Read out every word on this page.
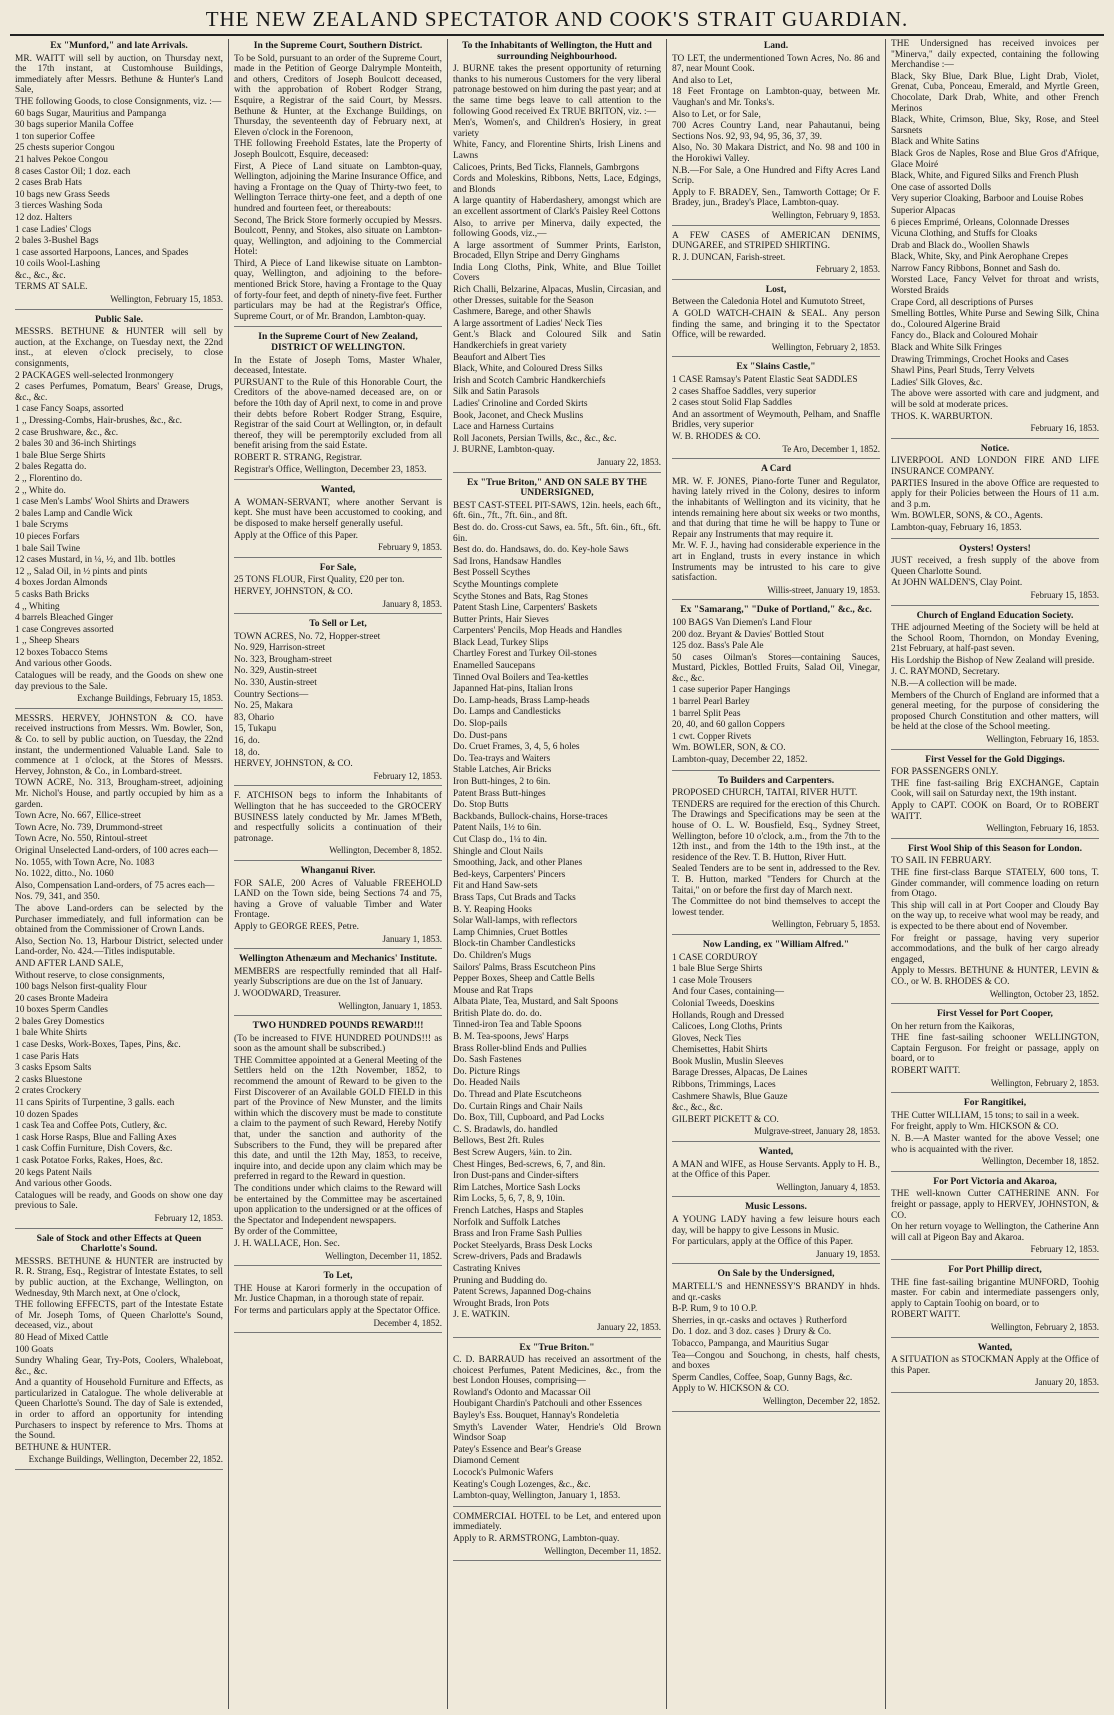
THE NEW ZEALAND SPECTATOR AND COOK'S STRAIT GUARDIAN.
Ex "Munford," and late Arrivals.

MR. WAITT will sell by auction, on Thursday next, the 17th instant, at Customhouse Buildings, immediately after Messrs. Bethune & Hunter's Land Sale,

THE following Goods, to close Consignments, viz. :—

60 bags Sugar, Mauritius and Pampanga

30 bags superior Manila Coffee

1 ton superior Coffee

25 chests superior Congou

21 halves Pekoe Congou

8 cases Castor Oil; 1 doz. each

2 cases Brab Hats

10 bags new Grass Seeds

3 tierces Washing Soda

12 doz. Halters

1 case Ladies' Clogs

2 bales 3-Bushel Bags

1 case assorted Harpoons, Lances, and Spades

10 coils Wool-Lashing

&c., &c., &c.

TERMS AT SALE.

Wellington, February 15, 1853.

Public Sale.

MESSRS. BETHUNE & HUNTER will sell by auction, at the Exchange, on Tuesday next, the 22nd inst., at eleven o'clock precisely, to close consignments,

2 PACKAGES well-selected Ironmongery

2 cases Perfumes, Pomatum, Bears' Grease, Drugs, &c., &c.

1 case Fancy Soaps, assorted

1 ,, Dressing-Combs, Hair-brushes, &c., &c.

2 case Brushware, &c., &c.

2 bales 30 and 36-inch Shirtings

1 bale Blue Serge Shirts

2 bales Regatta do.

2 ,, Florentino do.

2 ,, White do.

1 case Men's Lambs' Wool Shirts and Drawers

2 bales Lamp and Candle Wick

1 bale Scryms

10 pieces Forfars

1 bale Sail Twine

12 cases Mustard, in ¼, ½, and 1lb. bottles

12 ,, Salad Oil, in ½ pints and pints

4 boxes Jordan Almonds

5 casks Bath Bricks

4 ,, Whiting

4 barrels Bleached Ginger

1 case Congreves assorted

1 ,, Sheep Shears

12 boxes Tobacco Stems

And various other Goods.

Catalogues will be ready, and the Goods on shew one day previous to the Sale.

Exchange Buildings, February 15, 1853.

MESSRS. HERVEY, JOHNSTON & CO. have received instructions from Messrs. Wm. Bowler, Son, & Co. to sell by public auction, on Tuesday, the 22nd instant, the undermentioned Valuable Land. Sale to commence at 1 o'clock, at the Stores of Messrs. Hervey, Johnston, & Co., in Lombard-street.

TOWN ACRE, No. 313, Brougham-street, adjoining Mr. Nichol's House, and partly occupied by him as a garden.

Town Acre, No. 667, Ellice-street

Town Acre, No. 739, Drummond-street

Town Acre, No. 550, Rintoul-street

Original Unselected Land-orders, of 100 acres each—

No. 1055, with Town Acre, No. 1083

No. 1022, ditto., No. 1060

Also, Compensation Land-orders, of 75 acres each—

Nos. 79, 341, and 350.

The above Land-orders can be selected by the Purchaser immediately, and full information can be obtained from the Commissioner of Crown Lands.

Also, Section No. 13, Harbour District, selected under Land-order, No. 424.—Titles indisputable.

AND AFTER LAND SALE,

Without reserve, to close consignments,

100 bags Nelson first-quality Flour

20 cases Bronte Madeira

10 boxes Sperm Candles

2 bales Grey Domestics

1 bale White Shirts

1 case Desks, Work-Boxes, Tapes, Pins, &c.

1 case Paris Hats

3 casks Epsom Salts

2 casks Bluestone

2 crates Crockery

11 cans Spirits of Turpentine, 3 galls. each

10 dozen Spades

1 cask Tea and Coffee Pots, Cutlery, &c.

1 cask Horse Rasps, Blue and Falling Axes

1 cask Coffin Furniture, Dish Covers, &c.

1 cask Potatoe Forks, Rakes, Hoes, &c.

20 kegs Patent Nails

And various other Goods.

Catalogues will be ready, and Goods on show one day previous to Sale.

February 12, 1853.

Sale of Stock and other Effects at Queen Charlotte's Sound.

MESSRS. BETHUNE & HUNTER are instructed by R. R. Strang, Esq., Registrar of Intestate Estates, to sell by public auction, at the Exchange, Wellington, on Wednesday, 9th March next, at One o'clock,

THE following EFFECTS, part of the Intestate Estate of Mr. Joseph Toms, of Queen Charlotte's Sound, deceased, viz., about

80 Head of Mixed Cattle

100 Goats

Sundry Whaling Gear, Try-Pots, Coolers, Whaleboat, &c., &c.

And a quantity of Household Furniture and Effects, as particularized in Catalogue. The whole deliverable at Queen Charlotte's Sound. The day of Sale is extended, in order to afford an opportunity for intending Purchasers to inspect by reference to Mrs. Thoms at the Sound.

BETHUNE & HUNTER.

Exchange Buildings, Wellington, December 22, 1852.

In the Supreme Court, Southern District.

To be Sold, pursuant to an order of the Supreme Court, made in the Petition of George Dalrymple Monteith, and others, Creditors of Joseph Boulcott deceased, with the approbation of Robert Rodger Strang, Esquire, a Registrar of the said Court, by Messrs. Bethune & Hunter, at the Exchange Buildings, on Thursday, the seventeenth day of February next, at Eleven o'clock in the Forenoon,

THE following Freehold Estates, late the Property of Joseph Boulcott, Esquire, deceased:

First, A Piece of Land situate on Lambton-quay, Wellington, adjoining the Marine Insurance Office, and having a Frontage on the Quay of Thirty-two feet, to Wellington Terrace thirty-one feet, and a depth of one hundred and fourteen feet, or thereabouts:

Second, The Brick Store formerly occupied by Messrs. Boulcott, Penny, and Stokes, also situate on Lambton-quay, Wellington, and adjoining to the Commercial Hotel:

Third, A Piece of Land likewise situate on Lambton-quay, Wellington, and adjoining to the before-mentioned Brick Store, having a Frontage to the Quay of forty-four feet, and depth of ninety-five feet. Further particulars may be had at the Registrar's Office, Supreme Court, or of Mr. Brandon, Lambton-quay.

In the Supreme Court of New Zealand, DISTRICT OF WELLINGTON.

In the Estate of Joseph Toms, Master Whaler, deceased, Intestate.

PURSUANT to the Rule of this Honorable Court, the Creditors of the above-named deceased are, on or before the 10th day of April next, to come in and prove their debts before Robert Rodger Strang, Esquire, Registrar of the said Court at Wellington, or, in default thereof, they will be peremptorily excluded from all benefit arising from the said Estate.

ROBERT R. STRANG, Registrar.

Registrar's Office, Wellington, December 23, 1853.

Wanted,

A WOMAN-SERVANT, where another Servant is kept. She must have been accustomed to cooking, and be disposed to make herself generally useful.

Apply at the Office of this Paper.

February 9, 1853.

For Sale,

25 TONS FLOUR, First Quality, £20 per ton.

HERVEY, JOHNSTON, & CO.

January 8, 1853.

To Sell or Let,

TOWN ACRES, No. 72, Hopper-street

No. 929, Harrison-street

No. 323, Brougham-street

No. 329, Austin-street

No. 330, Austin-street

Country Sections—

No. 25, Makara

83, Ohario

15, Tukapu

16, do.

18, do.

HERVEY, JOHNSTON, & CO.

February 12, 1853.

F. ATCHISON begs to inform the Inhabitants of Wellington that he has succeeded to the GROCERY BUSINESS lately conducted by Mr. James M'Beth, and respectfully solicits a continuation of their patronage.

Wellington, December 8, 1852.

Whanganui River.

FOR SALE, 200 Acres of Valuable FREEHOLD LAND on the Town side, being Sections 74 and 75, having a Grove of valuable Timber and Water Frontage.

Apply to GEORGE REES, Petre.

January 1, 1853.

Wellington Athenæum and Mechanics' Institute.

MEMBERS are respectfully reminded that all Half-yearly Subscriptions are due on the 1st of January.

J. WOODWARD, Treasurer.

Wellington, January 1, 1853.

TWO HUNDRED POUNDS REWARD!!!

(To be increased to FIVE HUNDRED POUNDS!!! as soon as the amount shall be subscribed.)

THE Committee appointed at a General Meeting of the Settlers held on the 12th November, 1852, to recommend the amount of Reward to be given to the First Discoverer of an Available GOLD FIELD in this part of the Province of New Munster, and the limits within which the discovery must be made to constitute a claim to the payment of such Reward, Hereby Notify that, under the sanction and authority of the Subscribers to the Fund, they will be prepared after this date, and until the 12th May, 1853, to receive, inquire into, and decide upon any claim which may be preferred in regard to the Reward in question.

The conditions under which claims to the Reward will be entertained by the Committee may be ascertained upon application to the undersigned or at the offices of the Spectator and Independent newspapers.

By order of the Committee,

J. H. WALLACE, Hon. Sec.

Wellington, December 11, 1852.

To Let,

THE House at Karori formerly in the occupation of Mr. Justice Chapman, in a thorough state of repair.

For terms and particulars apply at the Spectator Office.

December 4, 1852.

To the Inhabitants of Wellington, the Hutt and surrounding Neighbourhood.

J. BURNE takes the present opportunity of returning thanks to his numerous Customers for the very liberal patronage bestowed on him during the past year; and at the same time begs leave to call attention to the following Good received Ex TRUE BRITON, viz. :—

Men's, Women's, and Children's Hosiery, in great variety

White, Fancy, and Florentine Shirts, Irish Linens and Lawns

Calicoes, Prints, Bed Ticks, Flannels, Gambrgons

Cords and Moleskins, Ribbons, Netts, Lace, Edgings, and Blonds

A large quantity of Haberdashery, amongst which are an excellent assortment of Clark's Paisley Reel Cottons

Also, to arrive per Minerva, daily expected, the following Goods, viz.,—

A large assortment of Summer Prints, Earlston, Brocaded, Ellyn Stripe and Derry Ginghams

India Long Cloths, Pink, White, and Blue Toillet Covers

Rich Challi, Belzarine, Alpacas, Muslin, Circasian, and other Dresses, suitable for the Season

Cashmere, Barege, and other Shawls

A large assortment of Ladies' Neck Ties

Gent.'s Black and Coloured Silk and Satin Handkerchiefs in great variety

Beaufort and Albert Ties

Black, White, and Coloured Dress Silks

Irish and Scotch Cambric Handkerchiefs

Silk and Satin Parasols

Ladies' Crinoline and Corded Skirts

Book, Jaconet, and Check Muslins

Lace and Harness Curtains

Roll Jaconets, Persian Twills, &c., &c., &c.

J. BURNE, Lambton-quay.

January 22, 1853.

Ex "True Briton," AND ON SALE BY THE UNDERSIGNED,

BEST CAST-STEEL PIT-SAWS, 12in. heels, each 6ft., 6ft. 6in., 7ft., 7ft. 6in., and 8ft.

Best do. do. Cross-cut Saws, ea. 5ft., 5ft. 6in., 6ft., 6ft. 6in.

Best do. do. Handsaws, do. do. Key-hole Saws

Sad Irons, Handsaw Handles

Best Possell Scythes

Scythe Mountings complete

Scythe Stones and Bats, Rag Stones

Patent Stash Line, Carpenters' Baskets

Butter Prints, Hair Sieves

Carpenters' Pencils, Mop Heads and Handles

Black Lead, Turkey Slips

Chartley Forest and Turkey Oil-stones

Enamelled Saucepans

Tinned Oval Boilers and Tea-kettles

Japanned Hat-pins, Italian Irons

Do. Lamp-heads, Brass Lamp-heads

Do. Lamps and Candlesticks

Do. Slop-pails

Do. Dust-pans

Do. Cruet Frames, 3, 4, 5, 6 holes

Do. Tea-trays and Waiters

Stable Latches, Air Bricks

Iron Butt-hinges, 2 to 6in.

Patent Brass Butt-hinges

Do. Stop Butts

Backbands, Bullock-chains, Horse-traces

Patent Nails, 1½ to 6in.

Cut Clasp do., 1¼ to 4in.

Shingle and Clout Nails

Smoothing, Jack, and other Planes

Bed-keys, Carpenters' Pincers

Fit and Hand Saw-sets

Brass Taps, Cut Brads and Tacks

B. Y. Reaping Hooks

Solar Wall-lamps, with reflectors

Lamp Chimnies, Cruet Bottles

Block-tin Chamber Candlesticks

Do. Children's Mugs

Sailors' Palms, Brass Escutcheon Pins

Pepper Boxes, Sheep and Cattle Bells

Mouse and Rat Traps

Albata Plate, Tea, Mustard, and Salt Spoons

British Plate do. do. do.

Tinned-iron Tea and Table Spoons

B. M. Tea-spoons, Jews' Harps

Brass Roller-blind Ends and Pullies

Do. Sash Fastenes

Do. Picture Rings

Do. Headed Nails

Do. Thread and Plate Escutcheons

Do. Curtain Rings and Chair Nails

Do. Box, Till, Cupboard, and Pad Locks

C. S. Bradawls, do. handled

Bellows, Best 2ft. Rules

Best Screw Augers, ¼in. to 2in.

Chest Hinges, Bed-screws, 6, 7, and 8in.

Iron Dust-pans and Cinder-sifters

Rim Latches, Mortice Sash Locks

Rim Locks, 5, 6, 7, 8, 9, 10in.

French Latches, Hasps and Staples

Norfolk and Suffolk Latches

Brass and Iron Frame Sash Pullies

Pocket Steelyards, Brass Desk Locks

Screw-drivers, Pads and Bradawls

Castrating Knives

Pruning and Budding do.

Patent Screws, Japanned Dog-chains

Wrought Brads, Iron Pots

J. E. WATKIN.

January 22, 1853.

Ex "True Briton."

C. D. BARRAUD has received an assortment of the choicest Perfumes, Patent Medicines, &c., from the best London Houses, comprising—

Rowland's Odonto and Macassar Oil

Houbigant Chardin's Patchouli and other Essences

Bayley's Ess. Bouquet, Hannay's Rondeletia

Smyth's Lavender Water, Hendrie's Old Brown Windsor Soap

Patey's Essence and Bear's Grease

Diamond Cement

Locock's Pulmonic Wafers

Keating's Cough Lozenges, &c., &c.

Lambton-quay, Wellington, January 1, 1853.

COMMERCIAL HOTEL to be Let, and entered upon immediately.

Apply to R. ARMSTRONG, Lambton-quay.

Wellington, December 11, 1852.

Land.

TO LET, the undermentioned Town Acres, No. 86 and 87, near Mount Cook.

And also to Let,

18 Feet Frontage on Lambton-quay, between Mr. Vaughan's and Mr. Tonks's.

Also to Let, or for Sale,

700 Acres Country Land, near Pahautanui, being Sections Nos. 92, 93, 94, 95, 36, 37, 39.

Also, No. 30 Makara District, and No. 98 and 100 in the Horokiwi Valley.

N.B.—For Sale, a One Hundred and Fifty Acres Land Scrip.

Apply to F. BRADEY, Sen., Tamworth Cottage; Or F. Bradey, jun., Bradey's Place, Lambton-quay.

Wellington, February 9, 1853.

A FEW CASES of AMERICAN DENIMS, DUNGAREE, and STRIPED SHIRTING.

R. J. DUNCAN, Farish-street.

February 2, 1853.

Lost,

Between the Caledonia Hotel and Kumutoto Street,

A GOLD WATCH-CHAIN & SEAL. Any person finding the same, and bringing it to the Spectator Office, will be rewarded.

Wellington, February 2, 1853.

Ex "Slains Castle,"

1 CASE Ramsay's Patent Elastic Seat SADDLES

2 cases Shaffoe Saddles, very superior

2 cases stout Solid Flap Saddles

And an assortment of Weymouth, Pelham, and Snaffle Bridles, very superior

W. B. RHODES & CO.

Te Aro, December 1, 1852.

A Card

MR. W. F. JONES, Piano-forte Tuner and Regulator, having lately rrived in the Colony, desires to inform the inhabitants of Wellington and its vicinity, that he intends remaining here about six weeks or two months, and that during that time he will be happy to Tune or Repair any Instruments that may require it.

Mr. W. F. J., having had considerable experience in the art in England, trusts in every instance in which Instruments may be intrusted to his care to give satisfaction.

Willis-street, January 19, 1853.

Ex "Samarang," "Duke of Portland," &c., &c.

100 BAGS Van Diemen's Land Flour

200 doz. Bryant & Davies' Bottled Stout

125 doz. Bass's Pale Ale

50 cases Oilman's Stores—containing Sauces, Mustard, Pickles, Bottled Fruits, Salad Oil, Vinegar, &c., &c.

1 case superior Paper Hangings

1 barrel Pearl Barley

1 barrel Split Peas

20, 40, and 60 gallon Coppers

1 cwt. Copper Rivets

Wm. BOWLER, SON, & CO.

Lambton-quay, December 22, 1852.

To Builders and Carpenters.

PROPOSED CHURCH, TAITAI, RIVER HUTT.

TENDERS are required for the erection of this Church. The Drawings and Specifications may be seen at the house of O. L. W. Bousfield, Esq., Sydney Street, Wellington, before 10 o'clock, a.m., from the 7th to the 12th inst., and from the 14th to the 19th inst., at the residence of the Rev. T. B. Hutton, River Hutt.

Sealed Tenders are to be sent in, addressed to the Rev. T. B. Hutton, marked "Tenders for Church at the Taitai," on or before the first day of March next.

The Committee do not bind themselves to accept the lowest tender.

Wellington, February 5, 1853.

Now Landing, ex "William Alfred."

1 CASE CORDUROY

1 bale Blue Serge Shirts

1 case Mole Trousers

And four Cases, containing—

Colonial Tweeds, Doeskins

Hollands, Rough and Dressed

Calicoes, Long Cloths, Prints

Gloves, Neck Ties

Chemisettes, Habit Shirts

Book Muslin, Muslin Sleeves

Barage Dresses, Alpacas, De Laines

Ribbons, Trimmings, Laces

Cashmere Shawls, Blue Gauze

&c., &c., &c.

GILBERT PICKETT & CO.

Mulgrave-street, January 28, 1853.

Wanted,

A MAN and WIFE, as House Servants. Apply to H. B., at the Office of this Paper.

Wellington, January 4, 1853.

Music Lessons.

A YOUNG LADY having a few leisure hours each day, will be happy to give Lessons in Music.

For particulars, apply at the Office of this Paper.

January 19, 1853.

On Sale by the Undersigned,

MARTELL'S and HENNESSY'S BRANDY in hhds. and qr.-casks

B-P. Rum, 9 to 10 O.P.

Sherries, in qr.-casks and octaves } Rutherford

Do. 1 doz. and 3 doz. cases } Drury & Co.

Tobacco, Pampanga, and Mauritius Sugar

Tea—Congou and Souchong, in chests, half chests, and boxes

Sperm Candles, Coffee, Soap, Gunny Bags, &c.

Apply to W. HICKSON & CO.

Wellington, December 22, 1852.

THE Undersigned has received invoices per "Minerva," daily expected, containing the following Merchandise :—

Black, Sky Blue, Dark Blue, Light Drab, Violet, Grenat, Cuba, Ponceau, Emerald, and Myrtle Green, Chocolate, Dark Drab, White, and other French Merinos

Black, White, Crimson, Blue, Sky, Rose, and Steel Sarsnets

Black and White Satins

Black Gros de Naples, Rose and Blue Gros d'Afrique, Glace Moiré

Black, White, and Figured Silks and French Plush

One case of assorted Dolls

Very superior Cloaking, Barboor and Louise Robes

Superior Alpacas

6 pieces Emprimé, Orleans, Colonnade Dresses

Vicuna Clothing, and Stuffs for Cloaks

Drab and Black do., Woollen Shawls

Black, White, Sky, and Pink Aerophane Crepes

Narrow Fancy Ribbons, Bonnet and Sash do.

Worsted Lace, Fancy Velvet for throat and wrists, Worsted Braids

Crape Cord, all descriptions of Purses

Smelling Bottles, White Purse and Sewing Silk, China do., Coloured Algerine Braid

Fancy do., Black and Coloured Mohair

Black and White Silk Fringes

Drawing Trimmings, Crochet Hooks and Cases

Shawl Pins, Pearl Studs, Terry Velvets

Ladies' Silk Gloves, &c.

The above were assorted with care and judgment, and will be sold at moderate prices.

THOS. K. WARBURTON.

February 16, 1853.

Notice.

LIVERPOOL AND LONDON FIRE AND LIFE INSURANCE COMPANY.

PARTIES Insured in the above Office are requested to apply for their Policies between the Hours of 11 a.m. and 3 p.m.

Wm. BOWLER, SONS, & CO., Agents.

Lambton-quay, February 16, 1853.

Oysters! Oysters!

JUST received, a fresh supply of the above from Queen Charlotte Sound.

At JOHN WALDEN'S, Clay Point.

February 15, 1853.

Church of England Education Society.

THE adjourned Meeting of the Society will be held at the School Room, Thorndon, on Monday Evening, 21st February, at half-past seven.

His Lordship the Bishop of New Zealand will preside.

J. C. RAYMOND, Secretary.

N.B.—A collection will be made.

Members of the Church of England are informed that a general meeting, for the purpose of considering the proposed Church Constitution and other matters, will be held at the close of the School meeting.

Wellington, February 16, 1853.

First Vessel for the Gold Diggings.

FOR PASSENGERS ONLY.

THE fine fast-sailing Brig EXCHANGE, Captain Cook, will sail on Saturday next, the 19th instant.

Apply to CAPT. COOK on Board, Or to ROBERT WAITT.

Wellington, February 16, 1853.

First Wool Ship of this Season for London.

TO SAIL IN FEBRUARY.

THE fine first-class Barque STATELY, 600 tons, T. Ginder commander, will commence loading on return from Otago.

This ship will call in at Port Cooper and Cloudy Bay on the way up, to receive what wool may be ready, and is expected to be there about end of November.

For freight or passage, having very superior accommodations, and the bulk of her cargo already engaged,

Apply to Messrs. BETHUNE & HUNTER, LEVIN & CO., or W. B. RHODES & CO.

Wellington, October 23, 1852.

First Vessel for Port Cooper,

On her return from the Kaikoras,

THE fine fast-sailing schooner WELLINGTON, Captain Ferguson. For freight or passage, apply on board, or to

ROBERT WAITT.

Wellington, February 2, 1853.

For Rangitikei,

THE Cutter WILLIAM, 15 tons; to sail in a week.

For freight, apply to Wm. HICKSON & CO.

N. B.—A Master wanted for the above Vessel; one who is acquainted with the river.

Wellington, December 18, 1852.

For Port Victoria and Akaroa,

THE well-known Cutter CATHERINE ANN. For freight or passage, apply to HERVEY, JOHNSTON, & CO.

On her return voyage to Wellington, the Catherine Ann will call at Pigeon Bay and Akaroa.

February 12, 1853.

For Port Phillip direct,

THE fine fast-sailing brigantine MUNFORD, Toohig master. For cabin and intermediate passengers only, apply to Captain Toohig on board, or to

ROBERT WAITT.

Wellington, February 2, 1853.

Wanted,

A SITUATION as STOCKMAN Apply at the Office of this Paper.

January 20, 1853.
